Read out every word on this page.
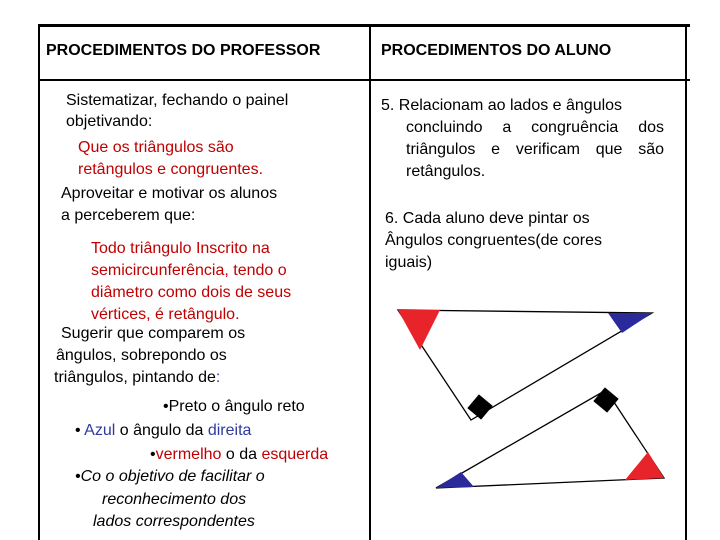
PROCEDIMENTOS DO PROFESSOR	PROCEDIMENTOS DO ALUNO
Sistematizar, fechando o painel
objetivando:
Que os triângulos são
retângulos e congruentes.
Aproveitar e motivar os alunos
a perceberem que:
Todo triângulo Inscrito na
semicircunferência, tendo o
diâmetro como dois de seus
vértices, é retângulo.
Sugerir que comparem os
ângulos, sobrepondo os
triângulos, pintando de:
•Preto o ângulo reto
• Azul o ângulo da direita
•vermelho o da esquerda
•Co o objetivo de facilitar o
reconhecimento dos
lados correspondentes
5. Relacionam ao lados e ângulos
concluindo a congruência dos
triângulos e verificam que são
retângulos.
6. Cada aluno deve pintar os
Ângulos congruentes(de cores
iguais)
